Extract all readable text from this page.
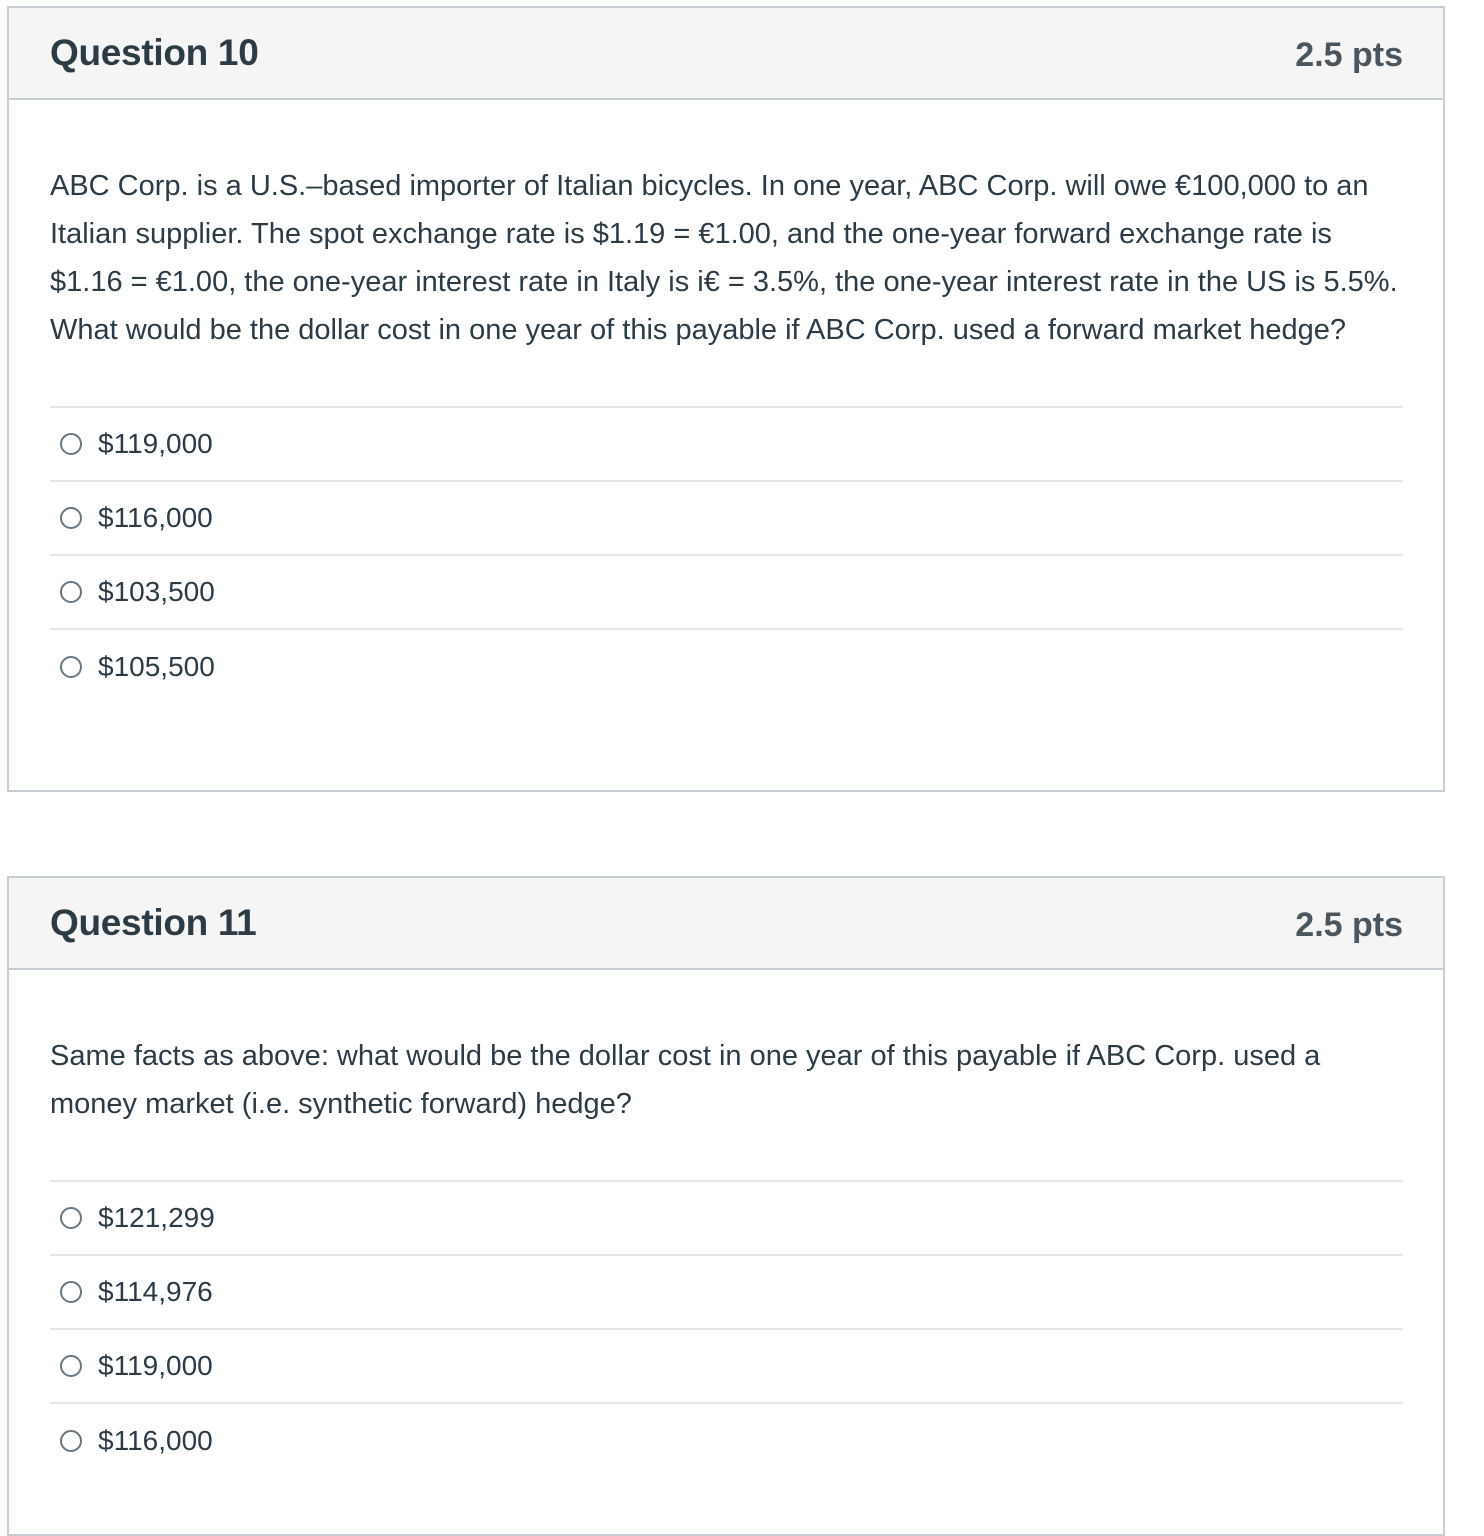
Question 10	2.5 pts

ABC Corp. is a U.S.–based importer of Italian bicycles. In one year, ABC Corp. will owe €100,000 to an Italian supplier. The spot exchange rate is $1.19 = €1.00, and the one-year forward exchange rate is $1.16 = €1.00, the one-year interest rate in Italy is i€ = 3.5%, the one-year interest rate in the US is 5.5%. What would be the dollar cost in one year of this payable if ABC Corp. used a forward market hedge?

$119,000
$116,000
$103,500
$105,500
Question 11	2.5 pts

Same facts as above: what would be the dollar cost in one year of this payable if ABC Corp. used a money market (i.e. synthetic forward) hedge?

$121,299
$114,976
$119,000
$116,000
